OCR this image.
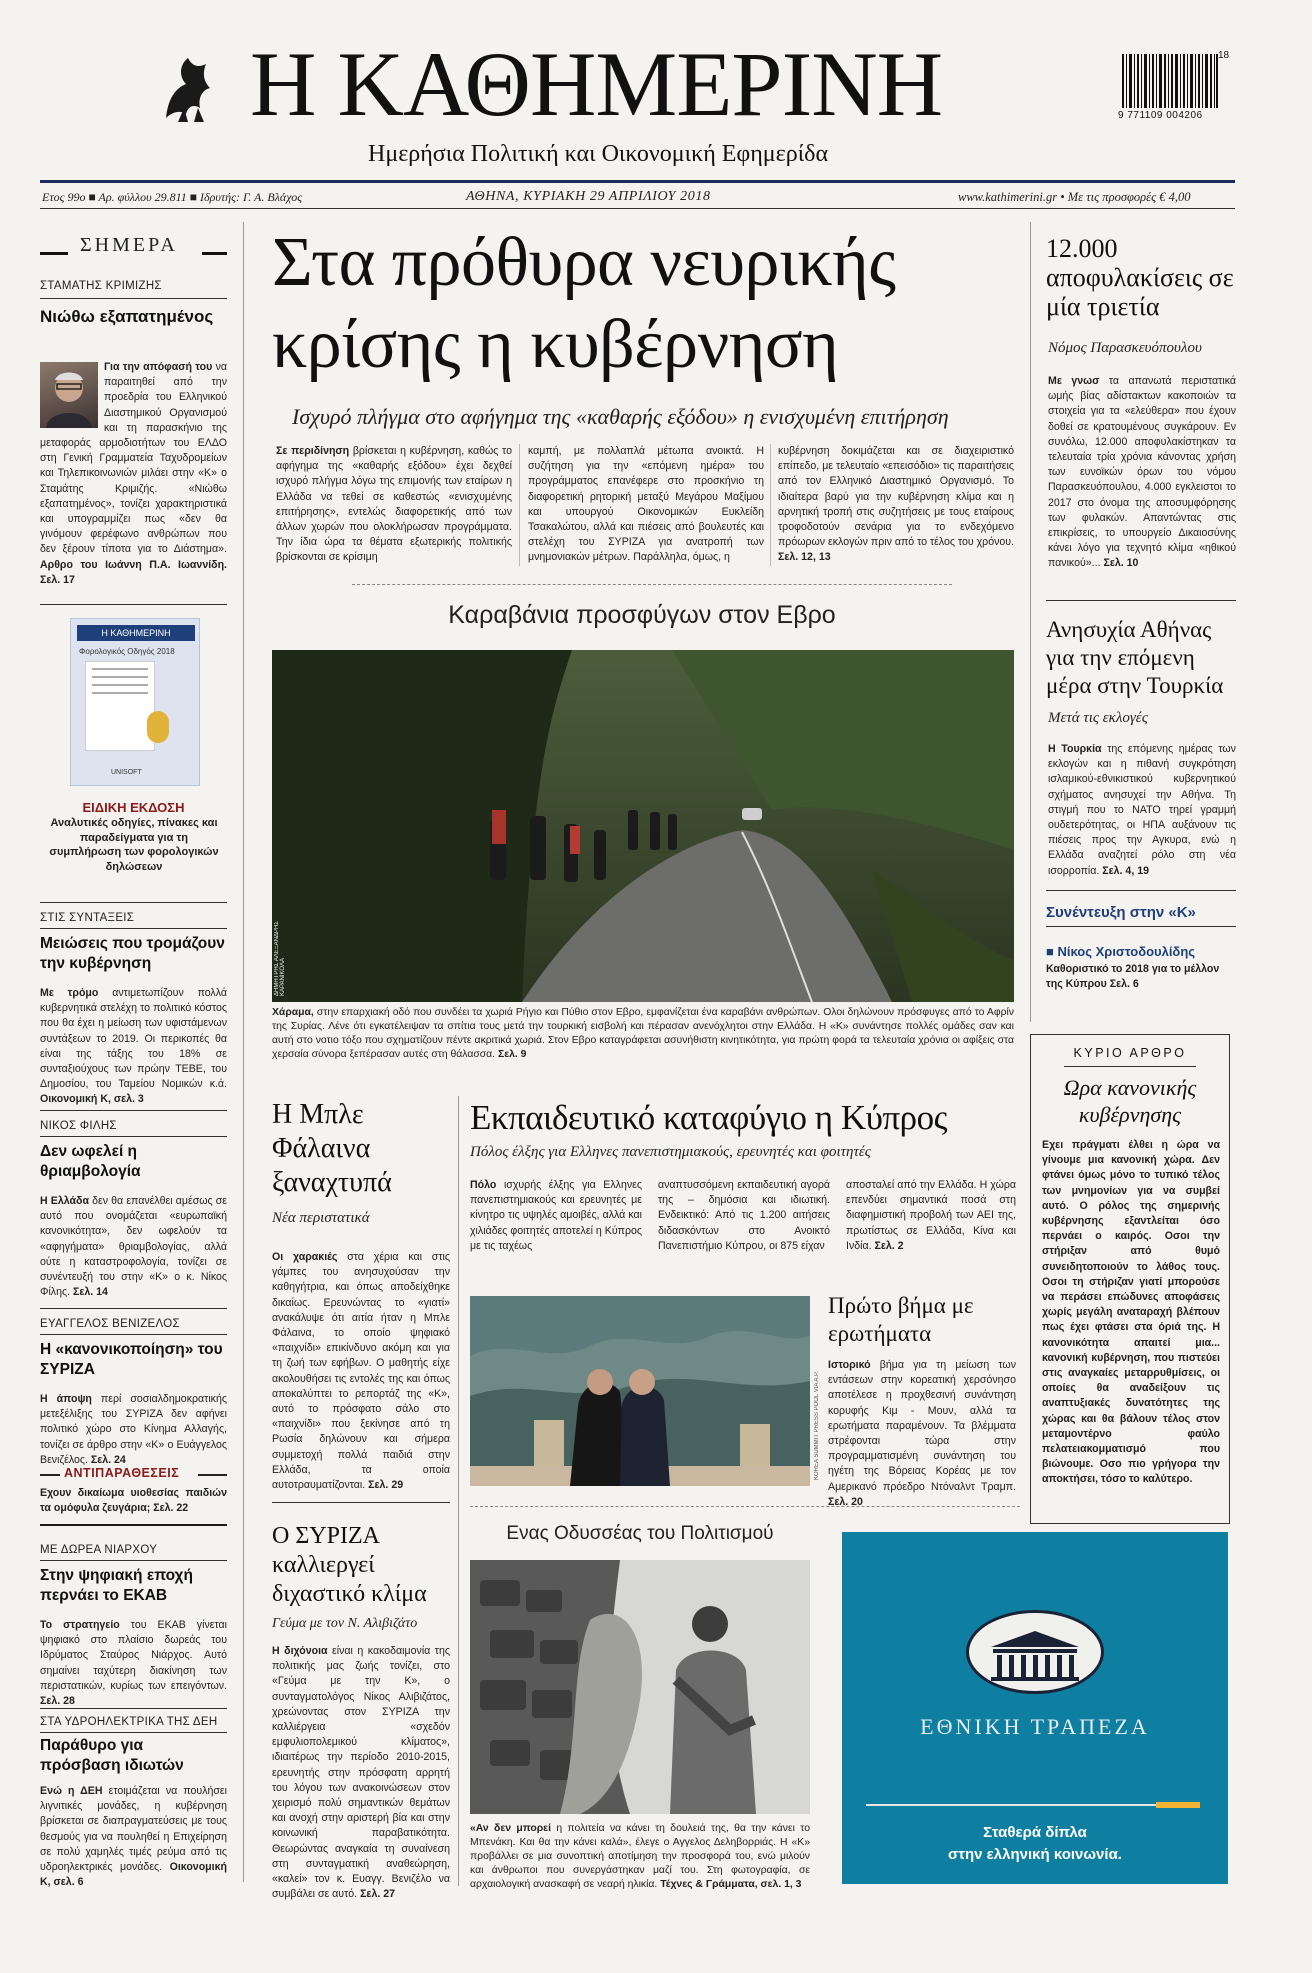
Η ΚΑΘΗΜΕΡΙΝΗ
Ημερήσια Πολιτική και Οικονομική Εφημερίδα
18
9 771109 004206
Ετος 99ο ■ Αρ. φύλλου 29.811 ■ Ιδρυτής: Γ. Α. Βλάχος	ΑΘΗΝΑ, ΚΥΡΙΑΚΗ 29 ΑΠΡΙΛΙΟΥ 2018	www.kathimerini.gr • Με τις προσφορές € 4,00
ΣΗΜΕΡΑ
ΣΤΑΜΑΤΗΣ ΚΡΙΜΙΖΗΣ
Νιώθω εξαπατημένος
Για την απόφασή του να παραιτηθεί από την προεδρία του Ελληνικού Διαστημικού Οργανισμού και τη παρασκήνιο της μεταφοράς αρμοδιοτήτων του ΕΛΔΟ στη Γενική Γραμματεία Ταχυδρομείων και Τηλεπικοινωνιών μιλάει στην «Κ» ο Σταμάτης Κριμιζής. «Νιώθω εξαπατημένος», τονίζει χαρακτηριστικά και υπογραμμίζει πως «δεν θα γινόμουν φερέφωνο ανθρώπων που δεν ξέρουν τίποτα για το Διάστημα». Αρθρο του Ιωάννη Π.Α. Ιωαννίδη. Σελ. 17
Η ΚΑΘΗΜΕΡΙΝΗ
Φορολογικός Οδηγός 2018
UNISOFT
ΕΙΔΙΚΗ ΕΚΔΟΣΗ
Αναλυτικές οδηγίες, πίνακες και παραδείγματα για τη συμπλήρωση των φορολογικών δηλώσεων
ΣΤΙΣ ΣΥΝΤΑΞΕΙΣ
Μειώσεις που τρομάζουν την κυβέρνηση
Με τρόμο αντιμετωπίζουν πολλά κυβερνητικά στελέχη το πολιτικό κόστος που θα έχει η μείωση των υφιστάμενων συντάξεων το 2019. Οι περικοπές θα είναι της τάξης του 18% σε συνταξιούχους των πρώην ΤΕΒΕ, του Δημοσίου, του Ταμείου Νομικών κ.ά. Οικονομική Κ, σελ. 3
ΝΙΚΟΣ ΦΙΛΗΣ
Δεν ωφελεί η θριαμβολογία
Η Ελλάδα δεν θα επανέλθει αμέσως σε αυτό που ονομάζεται «ευρωπαϊκή κανονικότητα», δεν ωφελούν τα «αφηγήματα» θριαμβολογίας, αλλά ούτε η καταστροφολογία, τονίζει σε συνέντευξή του στην «Κ» ο κ. Νίκος Φίλης. Σελ. 14
ΕΥΑΓΓΕΛΟΣ ΒΕΝΙΖΕΛΟΣ
Η «κανονικοποίηση» του ΣΥΡΙΖΑ
Η άποψη περί σοσιαλδημοκρατικής μετεξέλιξης του ΣΥΡΙΖΑ δεν αφήνει πολιτικό χώρο στο Κίνημα Αλλαγής, τονίζει σε άρθρο στην «Κ» ο Ευάγγελος Βενιζέλος. Σελ. 24
ΑΝΤΙΠΑΡΑΘΕΣΕΙΣ
Εχουν δικαίωμα υιοθεσίας παιδιών τα ομόφυλα ζευγάρια; Σελ. 22
ΜΕ ΔΩΡΕΑ ΝΙΑΡΧΟΥ
Στην ψηφιακή εποχή περνάει το ΕΚΑΒ
Το στρατηγείο του ΕΚΑΒ γίνεται ψηφιακό στο πλαίσιο δωρεάς του Ιδρύματος Σταύρος Νιάρχος. Αυτό σημαίνει ταχύτερη διακίνηση των περιστατικών, κυρίως των επειγόντων. Σελ. 28
ΣΤΑ ΥΔΡΟΗΛΕΚΤΡΙΚΑ ΤΗΣ ΔΕΗ
Παράθυρο για πρόσβαση ιδιωτών
Ενώ η ΔΕΗ ετοιμάζεται να πουλήσει λιγνιτικές μονάδες, η κυβέρνηση βρίσκεται σε διαπραγματεύσεις με τους θεσμούς για να πουληθεί η Επιχείρηση σε πολύ χαμηλές τιμές ρεύμα από τις υδροηλεκτρικές μονάδες. Οικονομική Κ, σελ. 6
Στα πρόθυρα νευρικής κρίσης η κυβέρνηση
Ισχυρό πλήγμα στο αφήγημα της «καθαρής εξόδου» η ενισχυμένη επιτήρηση
Σε περιδίνηση βρίσκεται η κυβέρνηση, καθώς το αφήγημα της «καθαρής εξόδου» έχει δεχθεί ισχυρό πλήγμα λόγω της επιμονής των εταίρων η Ελλάδα να τεθεί σε καθεστώς «ενισχυμένης επιτήρησης», εντελώς διαφορετικής από των άλλων χωρών που ολοκλήρωσαν προγράμματα. Την ίδια ώρα τα θέματα εξωτερικής πολιτικής βρίσκονται σε κρίσιμη
καμπή, με πολλαπλά μέτωπα ανοικτά. Η συζήτηση για την «επόμενη ημέρα» του προγράμματος επανέφερε στο προσκήνιο τη διαφορετική ρητορική μεταξύ Μεγάρου Μαξίμου και υπουργού Οικονομικών Ευκλείδη Τσακαλώτου, αλλά και πιέσεις από βουλευτές και στελέχη του ΣΥΡΙΖΑ για ανατροπή των μνημονιακών μέτρων. Παράλληλα, όμως, η
κυβέρνηση δοκιμάζεται και σε διαχειριστικό επίπεδο, με τελευταίο «επεισόδιο» τις παραιτήσεις από τον Ελληνικό Διαστημικό Οργανισμό. Το ιδιαίτερα βαρύ για την κυβέρνηση κλίμα και η αρνητική τροπή στις συζητήσεις με τους εταίρους τροφοδοτούν σενάρια για το ενδεχόμενο πρόωρων εκλογών πριν από το τέλος του χρόνου. Σελ. 12, 13
Καραβάνια προσφύγων στον Εβρο
ΔΗΜΗΤΡΗΣ ΑΛΕΞΑΝΔΡΗΣ ΚΑΡΑΝΙΚΟΛΑ
Χάραμα, στην επαρχιακή οδό που συνδέει τα χωριά Ρήγιο και Πύθιο στον Εβρο, εμφανίζεται ένα καραβάνι ανθρώπων. Ολοι δηλώνουν πρόσφυγες από το Αφρίν της Συρίας. Λένε ότι εγκατέλειψαν τα σπίτια τους μετά την τουρκική εισβολή και πέρασαν ανενόχλητοι στην Ελλάδα. Η «Κ» συνάντησε πολλές ομάδες σαν και αυτή στο νοτιο τόξο που σχηματίζουν πέντε ακριτικά χωριά. Στον Εβρο καταγράφεται ασυνήθιστη κινητικότητα, για πρώτη φορά τα τελευταία χρόνια οι αφίξεις στα χερσαία σύνορα ξεπέρασαν αυτές στη θάλασσα. Σελ. 9
12.000 αποφυλακίσεις σε μία τριετία
Νόμος Παρασκευόπουλου
Με γνωσ τα απανωτά περιστατικά ωμής βίας αδίστακτων κακοποιών τα στοιχεία για τα «ελεύθερα» που έχουν δοθεί σε κρατουμένους συγκάρουν. Εν συνόλω, 12.000 αποφυλακίστηκαν τα τελευταία τρία χρόνια κάνοντας χρήση των ευνοϊκών όρων του νόμου Παρασκευόπουλου, 4.000 εγκλειστοι το 2017 στο όνομα της αποσυμφόρησης των φυλακών. Απαντώντας στις επικρίσεις, το υπουργείο Δικαιοσύνης κάνει λόγο για τεχνητό κλίμα «ηθικού πανικού»... Σελ. 10
Ανησυχία Αθήνας για την επόμενη μέρα στην Τουρκία
Μετά τις εκλογές
Η Τουρκία της επόμενης ημέρας των εκλογών και η πιθανή συγκρότηση ισλαμικού-εθνικιστικού κυβερνητικού σχήματος ανησυχεί την Αθήνα. Τη στιγμή που το ΝΑΤΟ τηρεί γραμμή ουδετερότητας, οι ΗΠΑ αυξάνουν τις πιέσεις προς την Αγκυρα, ενώ η Ελλάδα αναζητεί ρόλο στη νέα ισορροπία. Σελ. 4, 19
Συνέντευξη στην «Κ»
■ Νίκος Χριστοδουλίδης
Καθοριστικό το 2018 για το μέλλον της Κύπρου Σελ. 6
ΚΥΡΙΟ ΑΡΘΡΟ
Ωρα κανονικής κυβέρνησης
Εχει πράγματι έλθει η ώρα να γίνουμε μια κανονική χώρα. Δεν φτάνει όμως μόνο το τυπικό τέλος των μνημονίων για να συμβεί αυτό. Ο ρόλος της σημερινής κυβέρνησης εξαντλείται όσο περνάει ο καιρός. Οσοι την στήριξαν από θυμό συνειδητοποιούν το λάθος τους. Οσοι τη στήριζαν γιατί μπορούσε να περάσει επώδυνες αποφάσεις χωρίς μεγάλη αναταραχή βλέπουν πως έχει φτάσει στα όριά της. Η κανονικότητα απαιτεί μια... κανονική κυβέρνηση, που πιστεύει στις αναγκαίες μεταρρυθμίσεις, οι οποίες θα αναδείξουν τις αναπτυξιακές δυνατότητες της χώρας και θα βάλουν τέλος στον μεταμοντέρνο φαύλο πελατειακομματισμό που βιώνουμε. Οσο πιο γρήγορα την αποκτήσει, τόσο το καλύτερο.
Η Μπλε Φάλαινα ξαναχτυπά
Νέα περιστατικά
Οι χαρακιές στα χέρια και στις γάμπες του ανησυχούσαν την καθηγήτρια, και όπως αποδείχθηκε δικαίως. Ερευνώντας το «γιατί» ανακάλυψε ότι αιτία ήταν η Μπλε Φάλαινα, το οποίο ψηφιακό «παιχνίδι» επικίνδυνο ακόμη και για τη ζωή των εφήβων. Ο μαθητής είχε ακολουθήσει τις εντολές της και όπως αποκαλύπτει το ρεπορτάζ της «Κ», αυτό το πρόσφατο σάλο στο «παιχνίδι» που ξεκίνησε από τη Ρωσία δηλώνουν και σήμερα συμμετοχή πολλά παιδιά στην Ελλάδα, τα οποία αυτοτραυματίζονται. Σελ. 29
Ο ΣΥΡΙΖΑ καλλιεργεί διχαστικό κλίμα
Γεύμα με τον Ν. Αλιβιζάτο
Η διχόνοια είναι η κακοδαιμονία της πολιτικής μας ζωής τονίζει, στο «Γεύμα με την Κ», ο συνταγματολόγος Νίκος Αλιβιζάτος, χρεώνοντας στον ΣΥΡΙΖΑ την καλλιέργεια «σχεδόν εμφυλιοπολεμικού κλίματος», ιδιαιτέρως την περίοδο 2010-2015, ερευνητής στην πρόσφατη αρρητή του λόγου των ανακοινώσεων στον χειρισμό πολύ σημαντικών θεμάτων και ανοχή στην αριστερή βία και στην κοινωνική παραβατικότητα. Θεωρώντας αναγκαία τη συναίνεση στη συνταγματική αναθεώρηση, «καλεί» τον κ. Ευαγγ. Βενιζέλο να συμβάλει σε αυτό. Σελ. 27
Εκπαιδευτικό καταφύγιο η Κύπρος
Πόλος έλξης για Ελληνες πανεπιστημιακούς, ερευνητές και φοιτητές
Πόλο ισχυρής έλξης για Ελληνες πανεπιστημιακούς και ερευνητές με κίνητρο τις υψηλές αμοιβές, αλλά και χιλιάδες φοιτητές αποτελεί η Κύπρος με τις ταχέως
αναπτυσσόμενη εκπαιδευτική αγορά της – δημόσια και ιδιωτική. Ενδεικτικό: Από τις 1.200 αιτήσεις διδασκόντων στο Ανοικτό Πανεπιστήμιο Κύπρου, οι 875 είχαν
αποσταλεί από την Ελλάδα. Η χώρα επενδύει σημαντικά ποσά στη διαφημιστική προβολή των ΑΕΙ της, πρωτίστως σε Ελλάδα, Κίνα και Ινδία. Σελ. 2
KOREA SUMMIT PRESS POOL VIA A.P.
Πρώτο βήμα με ερωτήματα
Ιστορικό βήμα για τη μείωση των εντάσεων στην κορεατική χερσόνησο αποτέλεσε η προχθεσινή συνάντηση κορυφής Κιμ - Μουν, αλλά τα ερωτήματα παραμένουν. Τα βλέμματα στρέφονται τώρα στην προγραμματισμένη συνάντηση του ηγέτη της Βόρειας Κορέας με τον Αμερικανό πρόεδρο Ντόναλντ Τραμπ. Σελ. 20
Ενας Οδυσσέας του Πολιτισμού
«Αν δεν μπορεί η πολιτεία να κάνει τη δουλειά της, θα την κάνει το Μπενάκη. Και θα την κάνει καλά», έλεγε ο Αγγελος Δεληβορριάς. Η «Κ» προβάλλει σε μια συνοπτική αποτίμηση την προσφορά του, ενώ μιλούν και άνθρωποι που συνεργάστηκαν μαζί του. Στη φωτογραφία, σε αρχαιολογική ανασκαφή σε νεαρή ηλικία. Τέχνες & Γράμματα, σελ. 1, 3
ΕΘΝΙΚΗ ΤΡΑΠΕΖΑ
Σταθερά δίπλα
στην ελληνική κοινωνία.
